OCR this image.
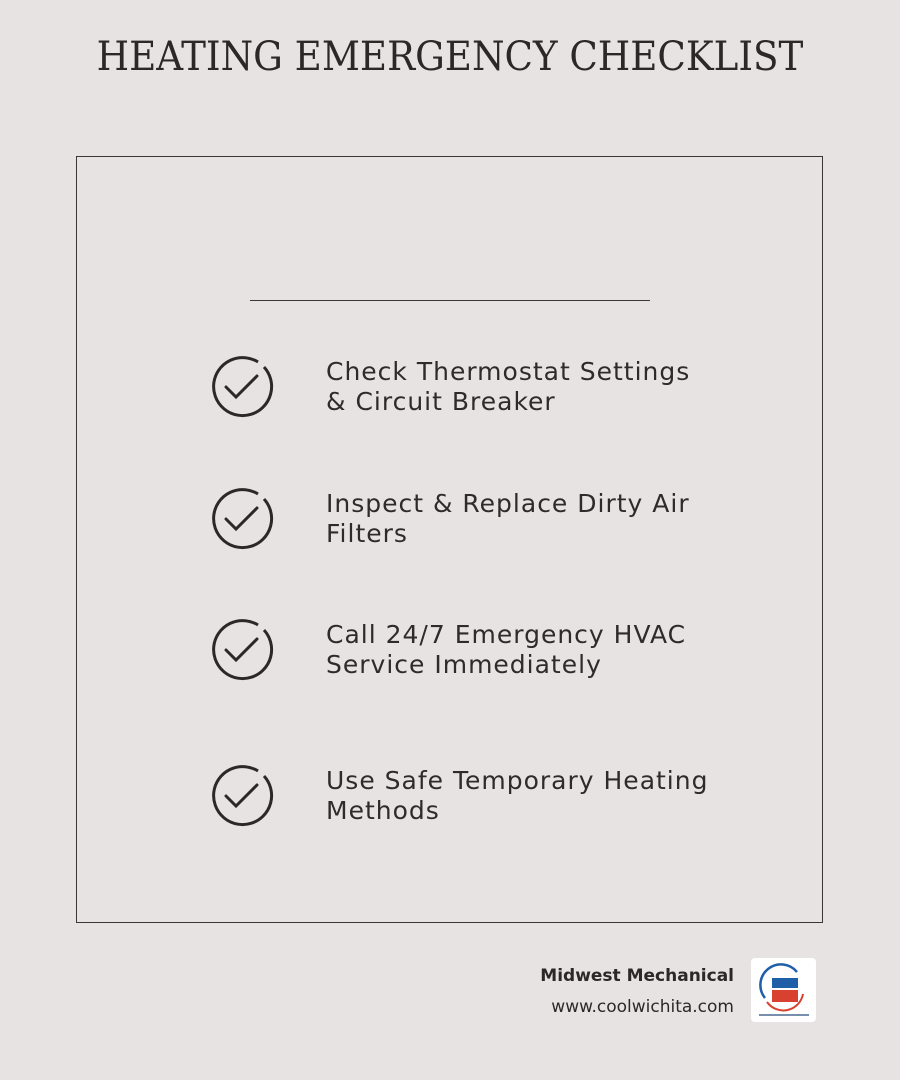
HEATING EMERGENCY CHECKLIST
Check Thermostat Settings
& Circuit Breaker
Inspect & Replace Dirty Air
Filters
Call 24/7 Emergency HVAC
Service Immediately
Use Safe Temporary Heating
Methods
Midwest Mechanical
www.coolwichita.com
